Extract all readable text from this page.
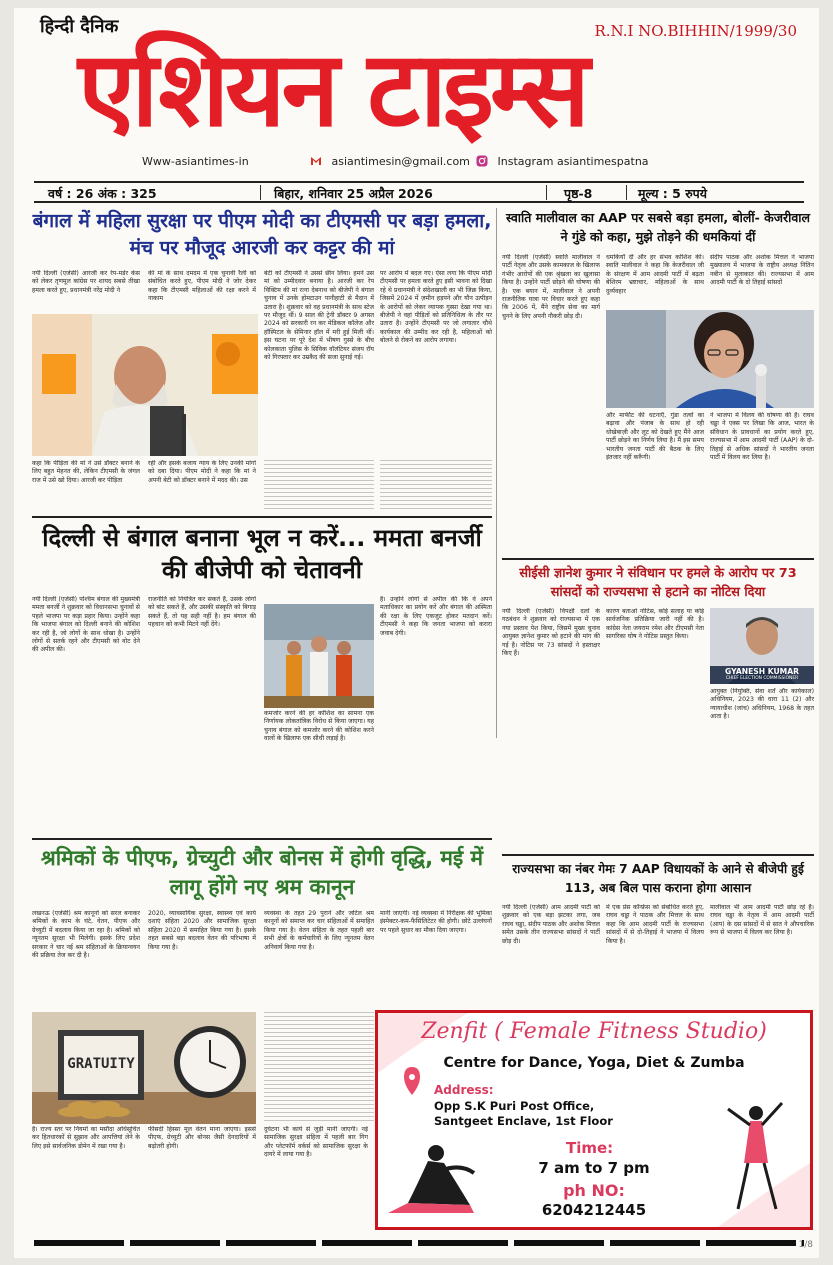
हिन्दी दैनिक	R.N.I NO.BIHHIN/1999/30
एशियन टाइम्स
Www-asiantimes-in	asiantimesin@gmail.com	Instagram asiantimespatna
वर्ष : 26 अंक : 325	बिहार, शनिवार 25 अप्रैल 2026	पृष्ठ-8	मूल्य : 5 रुपये
बंगाल में महिला सुरक्षा पर पीएम मोदी का टीएमसी पर बड़ा हमला, मंच पर मौजूद आरजी कर कट्टर की मां
नयी दिल्ली (एजेंसी) आरजी कर रेप-मर्डर केस को लेकर तृणमूल कांग्रेस पर शायद सबसे तीखा हमला करते हुए, प्रधानमंत्री नरेंद्र मोदी ने
की मां के साथ दमदम में एक चुनावी रैली को संबोधित करते हुए, पीएम मोदी ने जोर देकर कहा कि टीएमसी महिलाओं की रक्षा करने में नाकाम
बेटी को टीएमसी ने उससे छीन लिया। हमने उस मां को उम्मीदवार बनाया है। आरजी कर रेप विक्टिम की मां रत्ना देबनाथ को बीजेपी ने बंगाल चुनाव में उनके होमटाउन पानीहाटी से मैदान में उतारा है। शुक्रवार को वह प्रधानमंत्री के साथ स्टेज पर मौजूद थीं। 9 साल की ट्रेनी डॉक्टर 9 अगस्त 2024 को सरकारी रन कर मेडिकल कॉलेज और हॉस्पिटल के सेमिनार हॉल में मरी हुई मिली थीं। इस घटना पर पूरे देश में भीषण गुस्से के बीच कोलकाता पुलिस के सिविक वॉलंटियर संजय रॉय को गिरफ्तार कर उम्रकैद की सजा सुनाई गई।
पर आरोप में बदल गए। ऐसा लगा कि पीएम मोदी टीएमसी पर हमला करते हुए इसी भावना को दिखा रहे थे प्रधानमंत्री ने संदेशखाली का भी जिक्र किया, जिसमें 2024 में ज़मीन हड़पने और यौन उत्पीड़न के आरोपों को लेकर व्यापक गुस्सा देखा गया था। बीजेपी ने वहां पीड़ितों को प्रतिनिधित्व के तौर पर उतारा है। उन्होंने टीएमसी पर जो लगातार चौथे कार्यकाल की उम्मीद कर रही है, महिलाओं को बोलने से रोकने का आरोप लगाया।
कहा कि पीड़िता की मां ने उसे डॉक्टर बनाने के लिए बहुत मेहनत की, लेकिन टीएमसी के जंगल राज में उसे खो दिया। आरजी कर पीड़िता
रही और इसके बजाय न्याय के लिए उनकी मांगों को दबा दिया। पीएम मोदी ने कहा कि मां ने अपनी बेटी को डॉक्टर बनाने में मदद की। उस
स्वाति मालीवाल का AAP पर सबसे बड़ा हमला, बोलीं- केजरीवाल ने गुंडे को कहा, मुझे तोड़ने की धमकियां दीं
नयी दिल्ली (एजेंसी) स्वाति मालीवाल ने पार्टी नेतृत्व और उसके कामकाज के खिलाफ गंभीर आरोपों की एक श्रृंखला का खुलासा किया है। उन्होंने पार्टी छोड़ने की घोषणा की है। एक बयान में, मालीवाल ने अपनी राजनीतिक यात्रा पर विचार करते हुए कहा कि 2006 में, मैंने राष्ट्रीय सेवा का मार्ग चुनने के लिए अपनी नौकरी छोड़ दी।
धमकियाँ दीं और हर संभव कोशिश की। स्वाति मालीवाल ने कहा कि केजरीवाल जी के संरक्षण में आम आदमी पार्टी में बढ़ता बेशिरम भ्रष्टाचार, महिलाओं के साथ दुर्व्यवहार
संदीप पाठक और अशोक मित्तल ने भाजपा मुख्यालय में भाजपा के राष्ट्रीय अध्यक्ष नितिन नबीन से मुलाकात की। राज्यसभा में आम आदमी पार्टी के दो तिहाई सांसदों
और मार्फीट की धटनाएँ, गुंडा तत्वों का बढ़ावा और पंजाब के साथ हो रही धोखेबाज़ी और लूट को देखते हुए मैंने आज पार्टी छोड़ने का निर्णय लिया है। मैं इस समय भारतीय जनता पार्टी की बैठक के लिए इंतजार नहीं करूँगी।
ने भाजपा में विलय की घोषणा की है। राघव चड्ढा ने एक्स पर लिखा कि आज, भारत के संविधान के प्रावधानों का प्रयोग करते हुए, राज्यसभा में आम आदमी पार्टी (AAP) के दो-तिहाई से अधिक सांसदों ने भारतीय जनता पार्टी में विलय कर लिया है।
दिल्ली से बंगाल बनाना भूल न करें... ममता बनर्जी की बीजेपी को चेतावनी
नयी दिल्ली (एजेंसी) पश्चिम बंगाल की मुख्यमंत्री ममता बनर्जी ने शुक्रवार को विधानसभा चुनावों से पहले भाजपा पर कड़ा प्रहार किया। उन्होंने कहा कि भाजपा बंगाल को दिल्ली बनाने की कोशिश कर रही है, जो लोगों के साथ धोखा है। उन्होंने लोगों से सतर्क रहने और टीएमसी को वोट देने की अपील की।
राजनीति को नियंत्रित कर सकते हैं, उसके लोगों को बांट सकते हैं, और उसकी संस्कृति को बिगाड़ सकते हैं, तो यह सही नहीं है। हम बंगाल की पहचान को कभी मिटने नहीं देंगे।
कमजोर करने की हर कोशिश का सामना एक निर्णायक लोकतांत्रिक विरोध से किया जाएगा। यह चुनाव बंगाल को कमजोर करने की कोशिश करने वालों के खिलाफ एक सीधी लड़ाई है।
है। उन्होंने लोगों से अपील की कि वे अपने मताधिकार का प्रयोग करें और बंगाल की अस्मिता की रक्षा के लिए एकजुट होकर मतदान करें। टीएमसी ने कहा कि जनता भाजपा को करारा जवाब देगी।
सीईसी ज्ञानेश कुमार ने संविधान पर हमले के आरोप पर 73 सांसदों को राज्यसभा से हटाने का नोटिस दिया
नयी दिल्ली (एजेंसी) विपक्षी दलों के गठबंधन ने शुक्रवार को राज्यसभा में एक नया प्रस्ताव पेश किया, जिसमें मुख्य चुनाव आयुक्त ज्ञानेश कुमार को हटाने की मांग की गई है। नोटिस पर 73 सांसदों ने हस्ताक्षर किए हैं।
कारण बताओ नोटिस, कोई सलाह या कोई सार्वजनिक प्रतिक्रिया जारी नहीं की है। कांग्रेस नेता जयराम रमेश और टीएमसी नेता सागरिका घोष ने नोटिस प्रस्तुत किया।
GYANESH KUMAR
CHIEF ELECTION COMMISSIONER
आयुक्त (नियुक्ति, सेवा शर्तें और कार्यकाल) अधिनियम, 2023 की धारा 11 (2) और न्यायाधीश (जांच) अधिनियम, 1968 के तहत आता है।
श्रमिकों के पीएफ, ग्रेच्युटी और बोनस में होगी वृद्धि, मई में लागू होंगे नए श्रम कानून
लखनऊ (एजेंसी) श्रम कानूनों को सरल बनाकर श्रमिकों के काम के घंटे, वेतन, पीएफ और ग्रेच्युटी में बदलाव किया जा रहा है। श्रमिकों को न्यूनतम सुरक्षा भी मिलेगी। इसके लिए प्रदेश सरकार ने चार नई श्रम संहिताओं के क्रियान्वयन की प्रक्रिया तेज कर दी है।
2020, व्यावसायिक सुरक्षा, स्वास्थ्य एवं कार्य दशाएं संहिता 2020 और सामाजिक सुरक्षा संहिता 2020 में समाहित किया गया है। इसके तहत सबसे बड़ा बदलाव वेतन की परिभाषा में किया गया है।
व्यवस्था के तहत 29 पुराने और जटिल श्रम कानूनों को समाप्त कर चार संहिताओं में समाहित किया गया है। वेतन संहिता के तहत पहली बार सभी क्षेत्रों के कर्मचारियों के लिए न्यूनतम वेतन अनिवार्य किया गया है।
मानी जाएगी। नई व्यवस्था में निरीक्षक की भूमिका इंस्पेक्टर-कम-फैसिलिटेटर की होगी। छोटे उल्लंघनों पर पहले सुधार का मौका दिया जाएगा।
GRATUITY
है। राज्य स्तर पर नियमों का मसौदा अधिसूचित कर हितधारकों से सुझाव और आपत्तियां लेने के लिए इसे सार्वजनिक डोमेन में रखा गया है।
फीसदी हिस्सा मूल वेतन माना जाएगा। इससे पीएफ, ग्रेच्युटी और बोनस जैसी देनदारियों में बढ़ोतरी होगी।
दुर्घटना भी कार्य से जुड़ी मानी जाएगी। नई सामाजिक सुरक्षा संहिता में पहली बार गिग और प्लेटफॉर्म वर्कर्स को सामाजिक सुरक्षा के दायरे में लाया गया है।
राज्यसभा का नंबर गेमः 7 AAP विधायकों के आने से बीजेपी हुई 113, अब बिल पास कराना होगा आसान
नयी दिल्ली (एजेंसी) आम आदमी पार्टी को शुक्रवार को एक बड़ा झटका लगा, जब राघव चड्ढा, संदीप पाठक और अशोक मित्तल समेत उसके तीन राज्यसभा सांसदों ने पार्टी छोड़ दी।
में एक प्रेस कॉन्फ्रेंस को संबोधित करते हुए, राघव चड्ढा ने पाठक और मित्तल के साथ कहा कि आम आदमी पार्टी के राज्यसभा सांसदों में से दो-तिहाई ने भाजपा में विलय किया है।
मालीवाल भी आम आदमी पार्टी छोड़ रहे हैं। राघव चड्ढा के नेतृत्व में आम आदमी पार्टी (आप) के दस सांसदों में से सात ने औपचारिक रूप से भाजपा में विलय कर लिया है।
Zenfit ( Female Fitness Studio)
Centre for Dance, Yoga, Diet & Zumba
Address:
Opp S.K Puri Post Office, Santgeet Enclave, 1st Floor
Time:
7 am to 7 pm
ph NO:
6204212445
1/8
